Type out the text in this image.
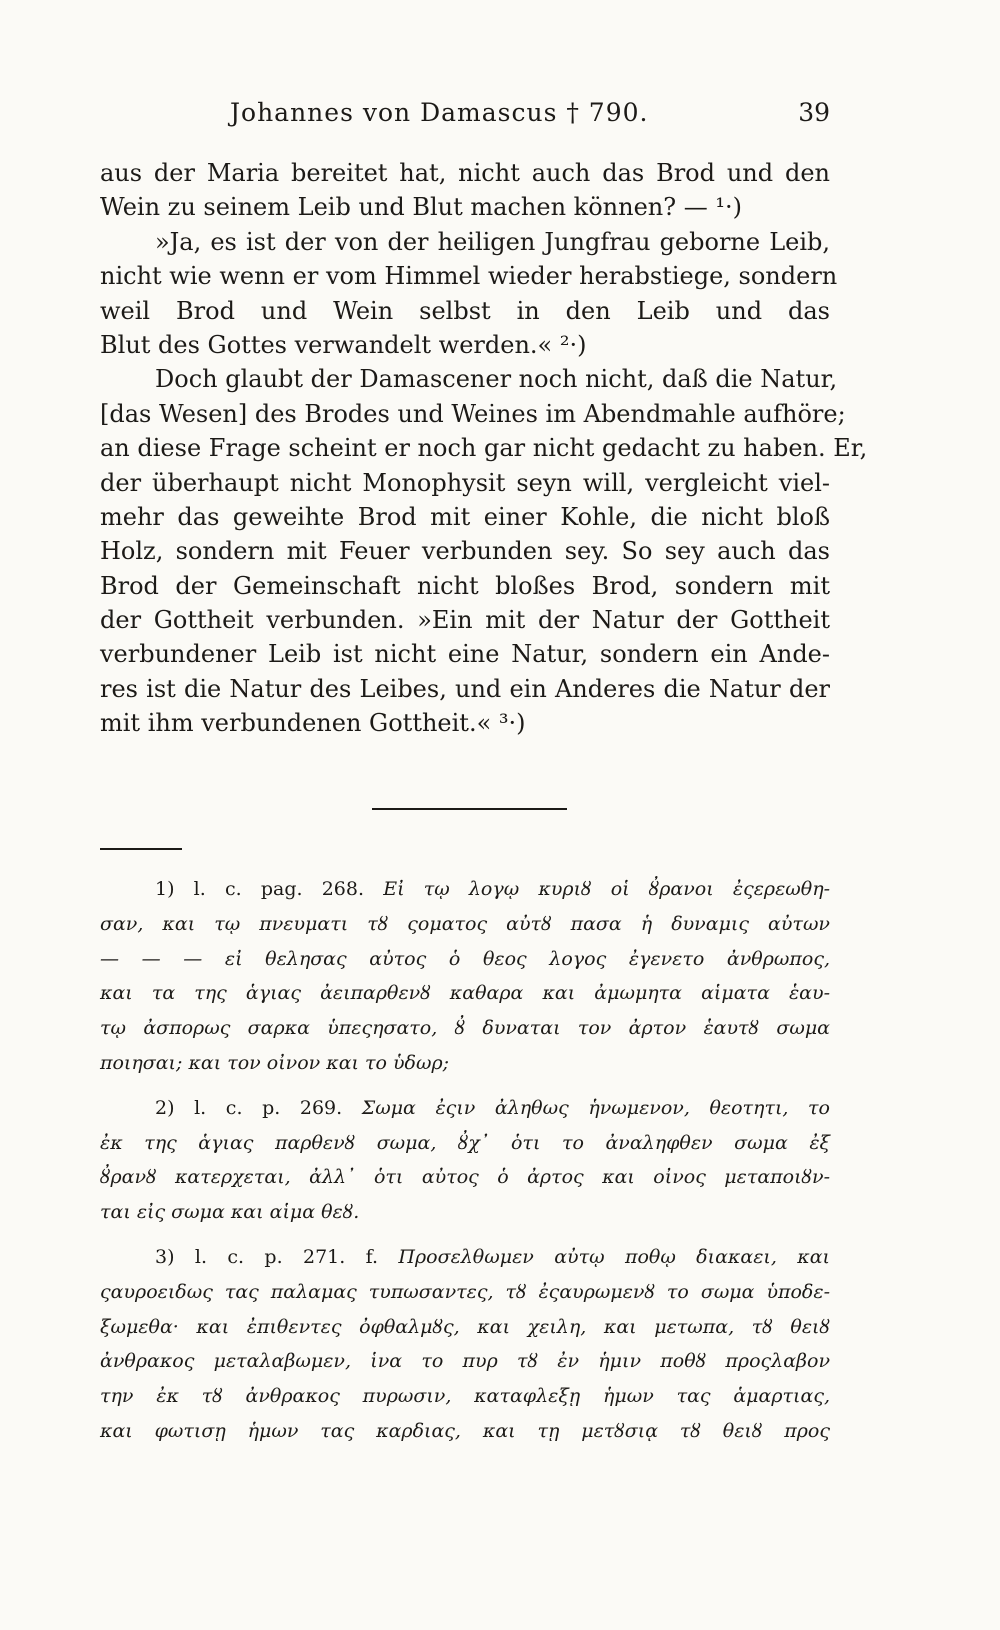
Johannes von Damascus † 790.	39
aus der Maria bereitet hat, nicht auch das Brod und den
Wein zu seinem Leib und Blut machen können? — ¹·)
»Ja, es ist der von der heiligen Jungfrau geborne Leib,
nicht wie wenn er vom Himmel wieder herabstiege, sondern
weil Brod und Wein selbst in den Leib und das
Blut des Gottes verwandelt werden.« ²·)
Doch glaubt der Damascener noch nicht, daß die Natur,
[das Wesen] des Brodes und Weines im Abendmahle aufhöre;
an diese Frage scheint er noch gar nicht gedacht zu haben. Er,
der überhaupt nicht Monophysit seyn will, vergleicht viel-
mehr das geweihte Brod mit einer Kohle, die nicht bloß
Holz, sondern mit Feuer verbunden sey. So sey auch das
Brod der Gemeinschaft nicht bloßes Brod, sondern mit
der Gottheit verbunden. »Ein mit der Natur der Gottheit
verbundener Leib ist nicht eine Natur, sondern ein Ande-
res ist die Natur des Leibes, und ein Anderes die Natur der
mit ihm verbundenen Gottheit.« ³·)
1) l. c. pag. 268. Εἰ τῳ λογῳ κυριȣ οἱ ȣ̓ρανοι ἐςερεωθη-
σαν, και τῳ πνευματι τȣ ςοματος αὐτȣ πασα ἡ δυναμις αὐτων
— — — εἰ θελησας αὐτος ὁ θεος λογος ἐγενετο ἀνθρωπος,
και τα της ἁγιας ἀειπαρθενȣ καθαρα και ἀμωμητα αἱματα ἑαυ-
τῳ ἀσπορως σαρκα ὑπεςησατο, ȣ̓ δυναται τον ἀρτον ἑαυτȣ σωμα
ποιησαι; και τον οἰνον και το ὑδωρ;
2) l. c. p. 269. Σωμα ἐςιν ἀληθως ἡνωμενον, θεοτητι, το
ἐκ της ἁγιας παρθενȣ σωμα, ȣ̓χ᾽ ὁτι το ἀναληφθεν σωμα ἐξ
ȣ̓ρανȣ κατερχεται, ἀλλ᾽ ὁτι αὐτος ὁ ἀρτος και οἰνος μεταποιȣν-
ται εἰς σωμα και αἱμα θεȣ.
3) l. c. p. 271. f. Προσελθωμεν αὐτῳ ποθῳ διακαει, και
ςαυροειδως τας παλαμας τυπωσαντες, τȣ ἐςαυρωμενȣ το σωμα ὑποδε-
ξωμεθα· και ἐπιθεντες ὀφθαλμȣς, και χειλη, και μετωπα, τȣ θειȣ
ἀνθρακος μεταλαβωμεν, ἱνα το πυρ τȣ ἐν ἡμιν ποθȣ προςλαβον
την ἐκ τȣ ἀνθρακος πυρωσιν, καταφλεξῃ ἡμων τας ἁμαρτιας,
και φωτισῃ ἡμων τας καρδιας, και τῃ μετȣσιᾳ τȣ θειȣ προς
